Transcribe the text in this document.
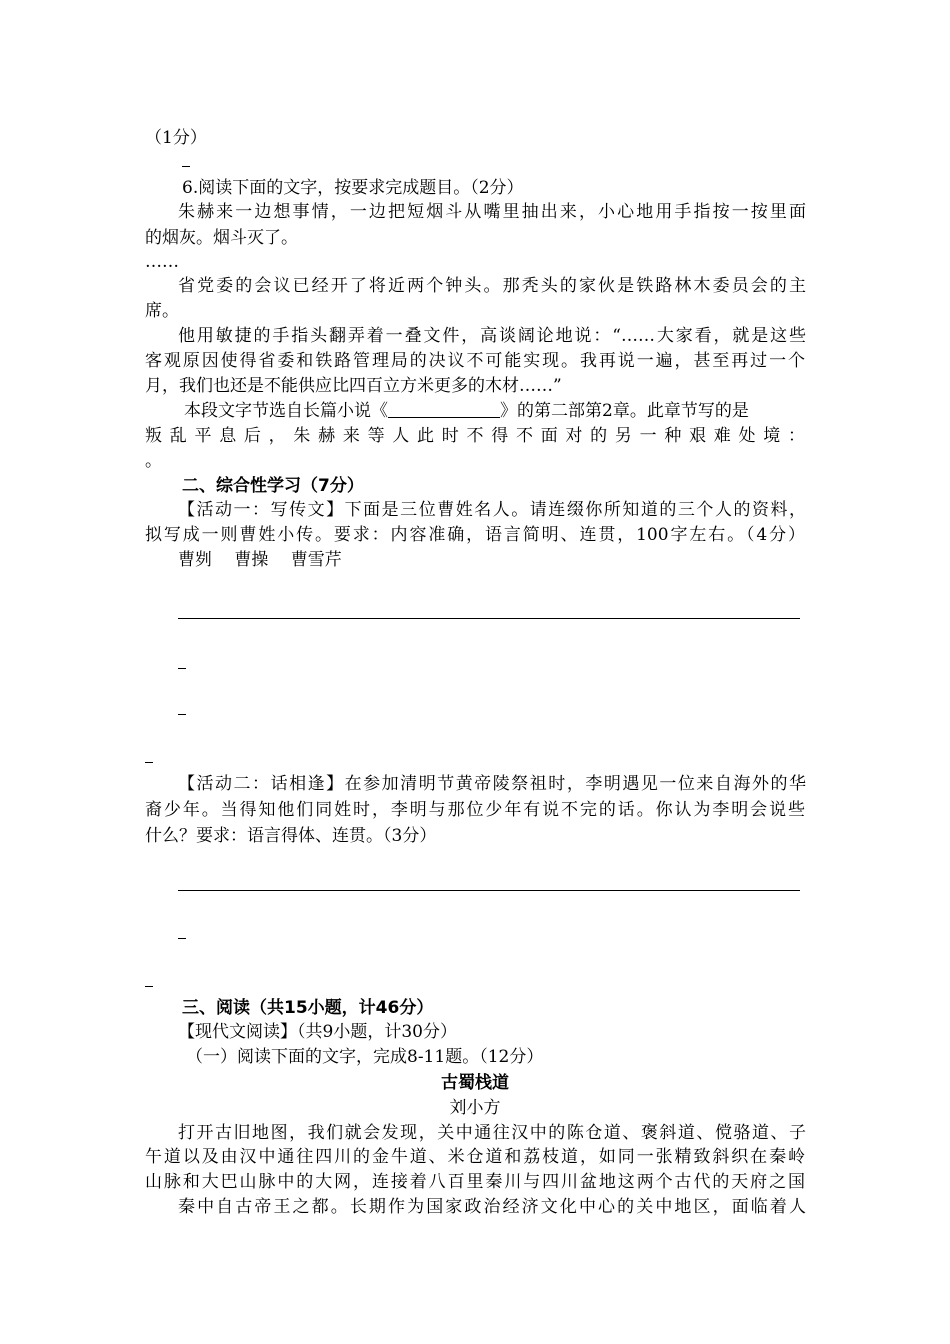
（1分）
6.阅读下面的文字，按要求完成题目。（2分）
朱赫来一边想事情，一边把短烟斗从嘴里抽出来，小心地用手指按一按里面
的烟灰。烟斗灭了。
……
省党委的会议已经开了将近两个钟头。那秃头的家伙是铁路林木委员会的主
席。
他用敏捷的手指头翻弄着一叠文件，高谈阔论地说：“……大家看，就是这些
客观原因使得省委和铁路管理局的决议不可能实现。我再说一遍，甚至再过一个
月，我们也还是不能供应比四百立方米更多的木材……”
本段文字节选自长篇小说《	》的第二部第2章。此章节写的是
叛乱平息后，朱赫来等人此时不得不面对的另一种艰难处境：
。
二、综合性学习（7分）
【活动一：写传文】下面是三位曹姓名人。请连缀你所知道的三个人的资料，
拟写成一则曹姓小传。要求：内容准确，语言简明、连贯，100字左右。（4分）
曹刿　 曹操　 曹雪芹
【活动二：话相逢】在参加清明节黄帝陵祭祖时，李明遇见一位来自海外的华
裔少年。当得知他们同姓时，李明与那位少年有说不完的话。你认为李明会说些
什么？要求：语言得体、连贯。（3分）
三、阅读（共15小题，计46分）
【现代文阅读】（共9小题，计30分）
（一）阅读下面的文字，完成8-11题。（12分）
古蜀栈道
刘小方
打开古旧地图，我们就会发现，关中通往汉中的陈仓道、褒斜道、傥骆道、子
午道以及由汉中通往四川的金牛道、米仓道和荔枝道，如同一张精致斜织在秦岭
山脉和大巴山脉中的大网，连接着八百里秦川与四川盆地这两个古代的天府之国
秦中自古帝王之都。长期作为国家政治经济文化中心的关中地区，面临着人
